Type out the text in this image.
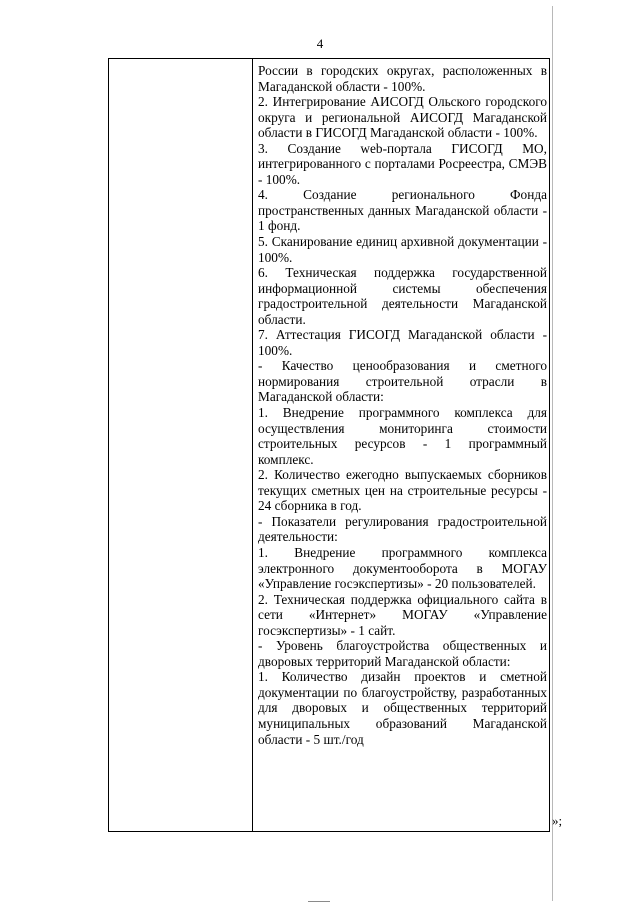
4

России в городских округах, расположенных в Магаданской области - 100%.

2. Интегрирование АИСОГД Ольского городского округа и региональной АИСОГД Магаданской области в ГИСОГД Магаданской области - 100%.

3. Создание web-портала ГИСОГД МО, интегрированного с порталами Росреестра, СМЭВ - 100%.

4. Создание регионального Фонда пространственных данных Магаданской области - 1 фонд.

5. Сканирование единиц архивной документации - 100%.

6. Техническая поддержка государственной информационной системы обеспечения градостроительной деятельности Магаданской области.

7. Аттестация ГИСОГД Магаданской области - 100%.

- Качество ценообразования и сметного нормирования строительной отрасли в Магаданской области:

1. Внедрение программного комплекса для осуществления мониторинга стоимости строительных ресурсов - 1 программный комплекс.

2. Количество ежегодно выпускаемых сборников текущих сметных цен на строительные ресурсы - 24 сборника в год.

- Показатели регулирования градостроительной деятельности:

1. Внедрение программного комплекса электронного документооборота в МОГАУ «Управление госэкспертизы» - 20 пользователей.

2. Техническая поддержка официального сайта в сети «Интернет» МОГАУ «Управление госэкспертизы» - 1 сайт.

- Уровень благоустройства общественных и дворовых территорий Магаданской области:

1. Количество дизайн проектов и сметной документации по благоустройству, разработанных для дворовых и общественных территорий муниципальных образований Магаданской области - 5 шт./год

»;
